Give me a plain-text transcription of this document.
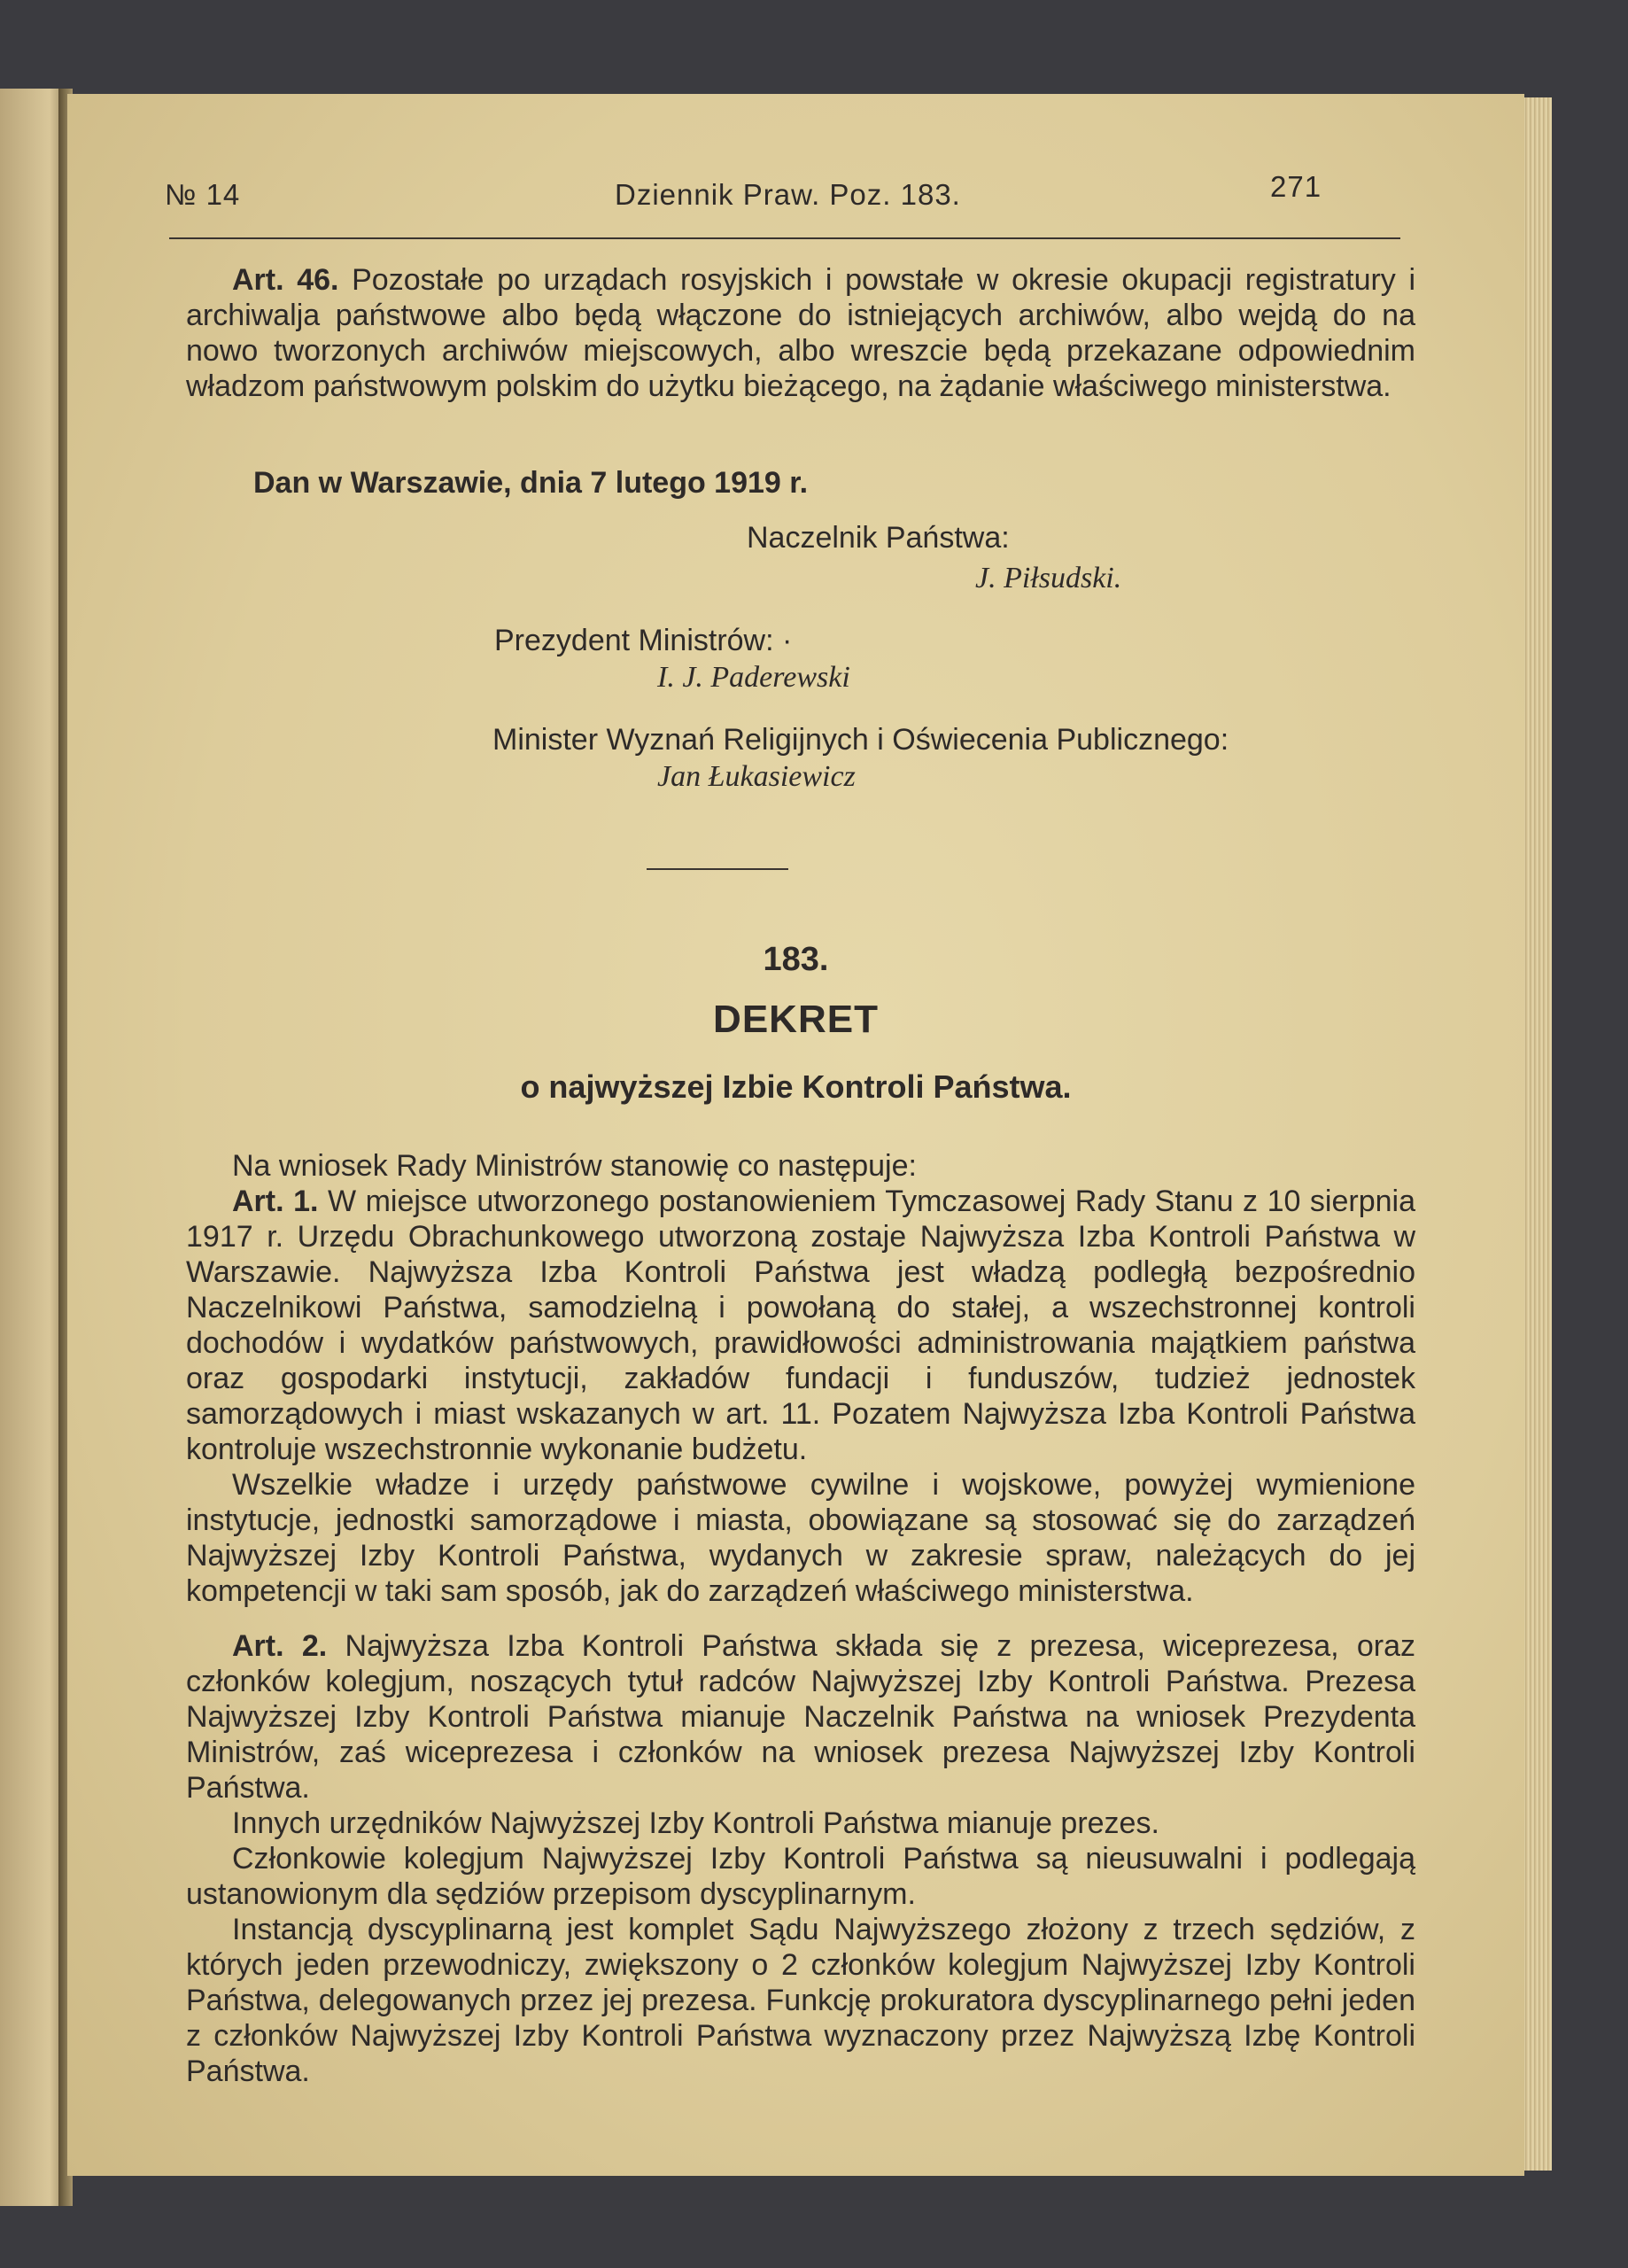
№ 14	Dziennik Praw. Poz. 183.	271

Art. 46. Pozostałe po urządach rosyjskich i powstałe w okresie okupacji registratury i archiwalja państwowe albo będą włączone do istniejących archiwów, albo wejdą do na nowo tworzonych archiwów miejscowych, albo wreszcie będą przekazane odpowiednim władzom państwowym polskim do użytku bieżącego, na żądanie właściwego ministerstwa.

Dan w Warszawie, dnia 7 lutego 1919 r.
Naczelnik Państwa:
J. Piłsudski.
Prezydent Ministrów: ·
I. J. Paderewski
Minister Wyznań Religijnych i Oświecenia Publicznego:
Jan Łukasiewicz
183.
DEKRET
o najwyższej Izbie Kontroli Państwa.

Na wniosek Rady Ministrów stanowię co następuje:

Art. 1. W miejsce utworzonego postanowieniem Tymczasowej Rady Stanu z 10 sierpnia 1917 r. Urzędu Obrachunkowego utworzoną zostaje Najwyższa Izba Kontroli Państwa w Warszawie. Najwyższa Izba Kontroli Państwa jest władzą podległą bezpośrednio Naczelnikowi Państwa, samodzielną i powołaną do stałej, a wszechstronnej kontroli dochodów i wydatków państwowych, prawidłowości administrowania majątkiem państwa oraz gospodarki instytucji, zakładów fundacji i funduszów, tudzież jednostek samorządowych i miast wskazanych w art. 11. Pozatem Najwyższa Izba Kontroli Państwa kontroluje wszechstronnie wykonanie budżetu.

Wszelkie władze i urzędy państwowe cywilne i wojskowe, powyżej wymienione instytucje, jednostki samorządowe i miasta, obowiązane są stosować się do zarządzeń Najwyższej Izby Kontroli Państwa, wydanych w zakresie spraw, należących do jej kompetencji w taki sam sposób, jak do zarządzeń właściwego ministerstwa.

Art. 2. Najwyższa Izba Kontroli Państwa składa się z prezesa, wiceprezesa, oraz członków kolegjum, noszących tytuł radców Najwyższej Izby Kontroli Państwa. Prezesa Najwyższej Izby Kontroli Państwa mianuje Naczelnik Państwa na wniosek Prezydenta Ministrów, zaś wiceprezesa i członków na wniosek prezesa Najwyższej Izby Kontroli Państwa.

Innych urzędników Najwyższej Izby Kontroli Państwa mianuje prezes.

Członkowie kolegjum Najwyższej Izby Kontroli Państwa są nieusuwalni i podlegają ustanowionym dla sędziów przepisom dyscyplinarnym.

Instancją dyscyplinarną jest komplet Sądu Najwyższego złożony z trzech sędziów, z których jeden przewodniczy, zwiększony o 2 członków kolegjum Najwyższej Izby Kontroli Państwa, delegowanych przez jej prezesa. Funkcję prokuratora dyscyplinarnego pełni jeden z członków Najwyższej Izby Kontroli Państwa wyznaczony przez Najwyższą Izbę Kontroli Państwa.
